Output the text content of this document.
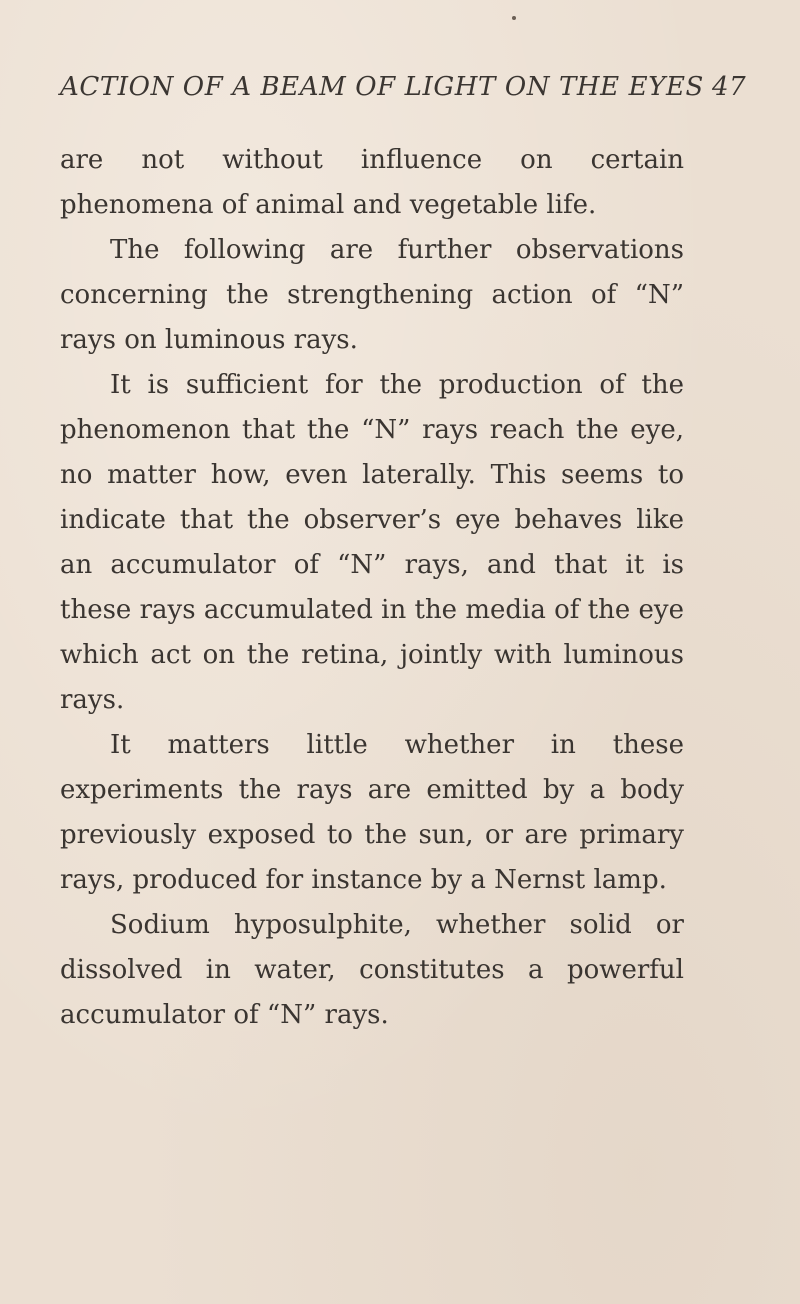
ACTION OF A BEAM OF LIGHT ON THE EYES 47

are not without influence on certain phenomena of animal and vegetable life.

The following are further observations concerning the strengthening action of “N” rays on luminous rays.

It is sufficient for the production of the phenomenon that the “N” rays reach the eye, no matter how, even laterally. This seems to indicate that the observer’s eye behaves like an accumulator of “N” rays, and that it is these rays accumulated in the media of the eye which act on the retina, jointly with luminous rays.

It matters little whether in these experiments the rays are emitted by a body previously exposed to the sun, or are primary rays, produced for instance by a Nernst lamp.

Sodium hyposulphite, whether solid or dissolved in water, constitutes a powerful accumulator of “N” rays.
